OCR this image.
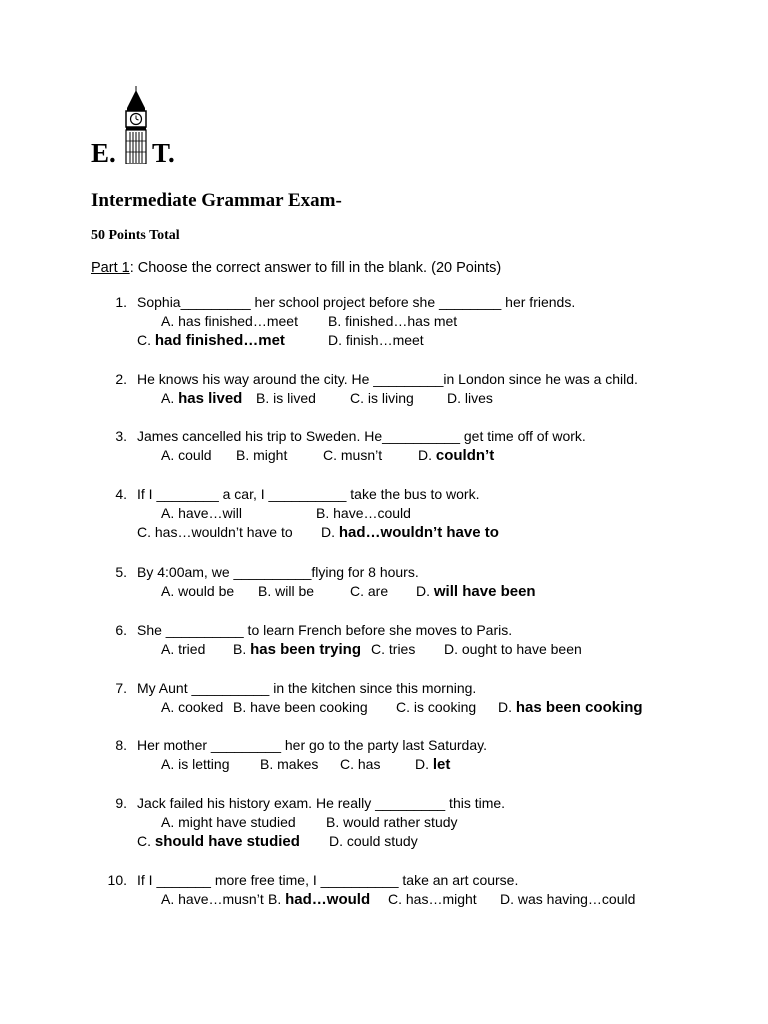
E. T.
Intermediate Grammar Exam-

50 Points Total

Part 1: Choose the correct answer to fill in the blank. (20 Points)

1. Sophia_________ her school project before she ________ her friends.
A. has finished…meet B. finished…has met
C. had finished…met	D. finish…meet
2. He knows his way around the city. He _________in London since he was a child.
A. has lived B. is lived C. is living D. lives
3. James cancelled his trip to Sweden. He__________ get time off of work.
A. could B. might	C. musn’t	D. couldn’t
4. If I ________ a car, I __________ take the bus to work.
A. have…will	B. have…could
C. has…wouldn’t have to D. had…wouldn’t have to
5. By 4:00am, we __________flying for 8 hours.
A. would be B. will be	C. are D. will have been
6. She __________ to learn French before she moves to Paris.
A. tried B. has been trying C. tries D. ought to have been
7. My Aunt __________ in the kitchen since this morning.
A. cooked B. have been cooking C. is cooking D. has been cooking
8. Her mother _________ her go to the party last Saturday.
A. is letting B. makes C. has D. let
9. Jack failed his history exam. He really _________ this time.
A. might have studied B. would rather study
C. should have studied D. could study
10. If I _______ more free time, I __________ take an art course.
A. have…musn’t B. had…would C. has…might D. was having…could
